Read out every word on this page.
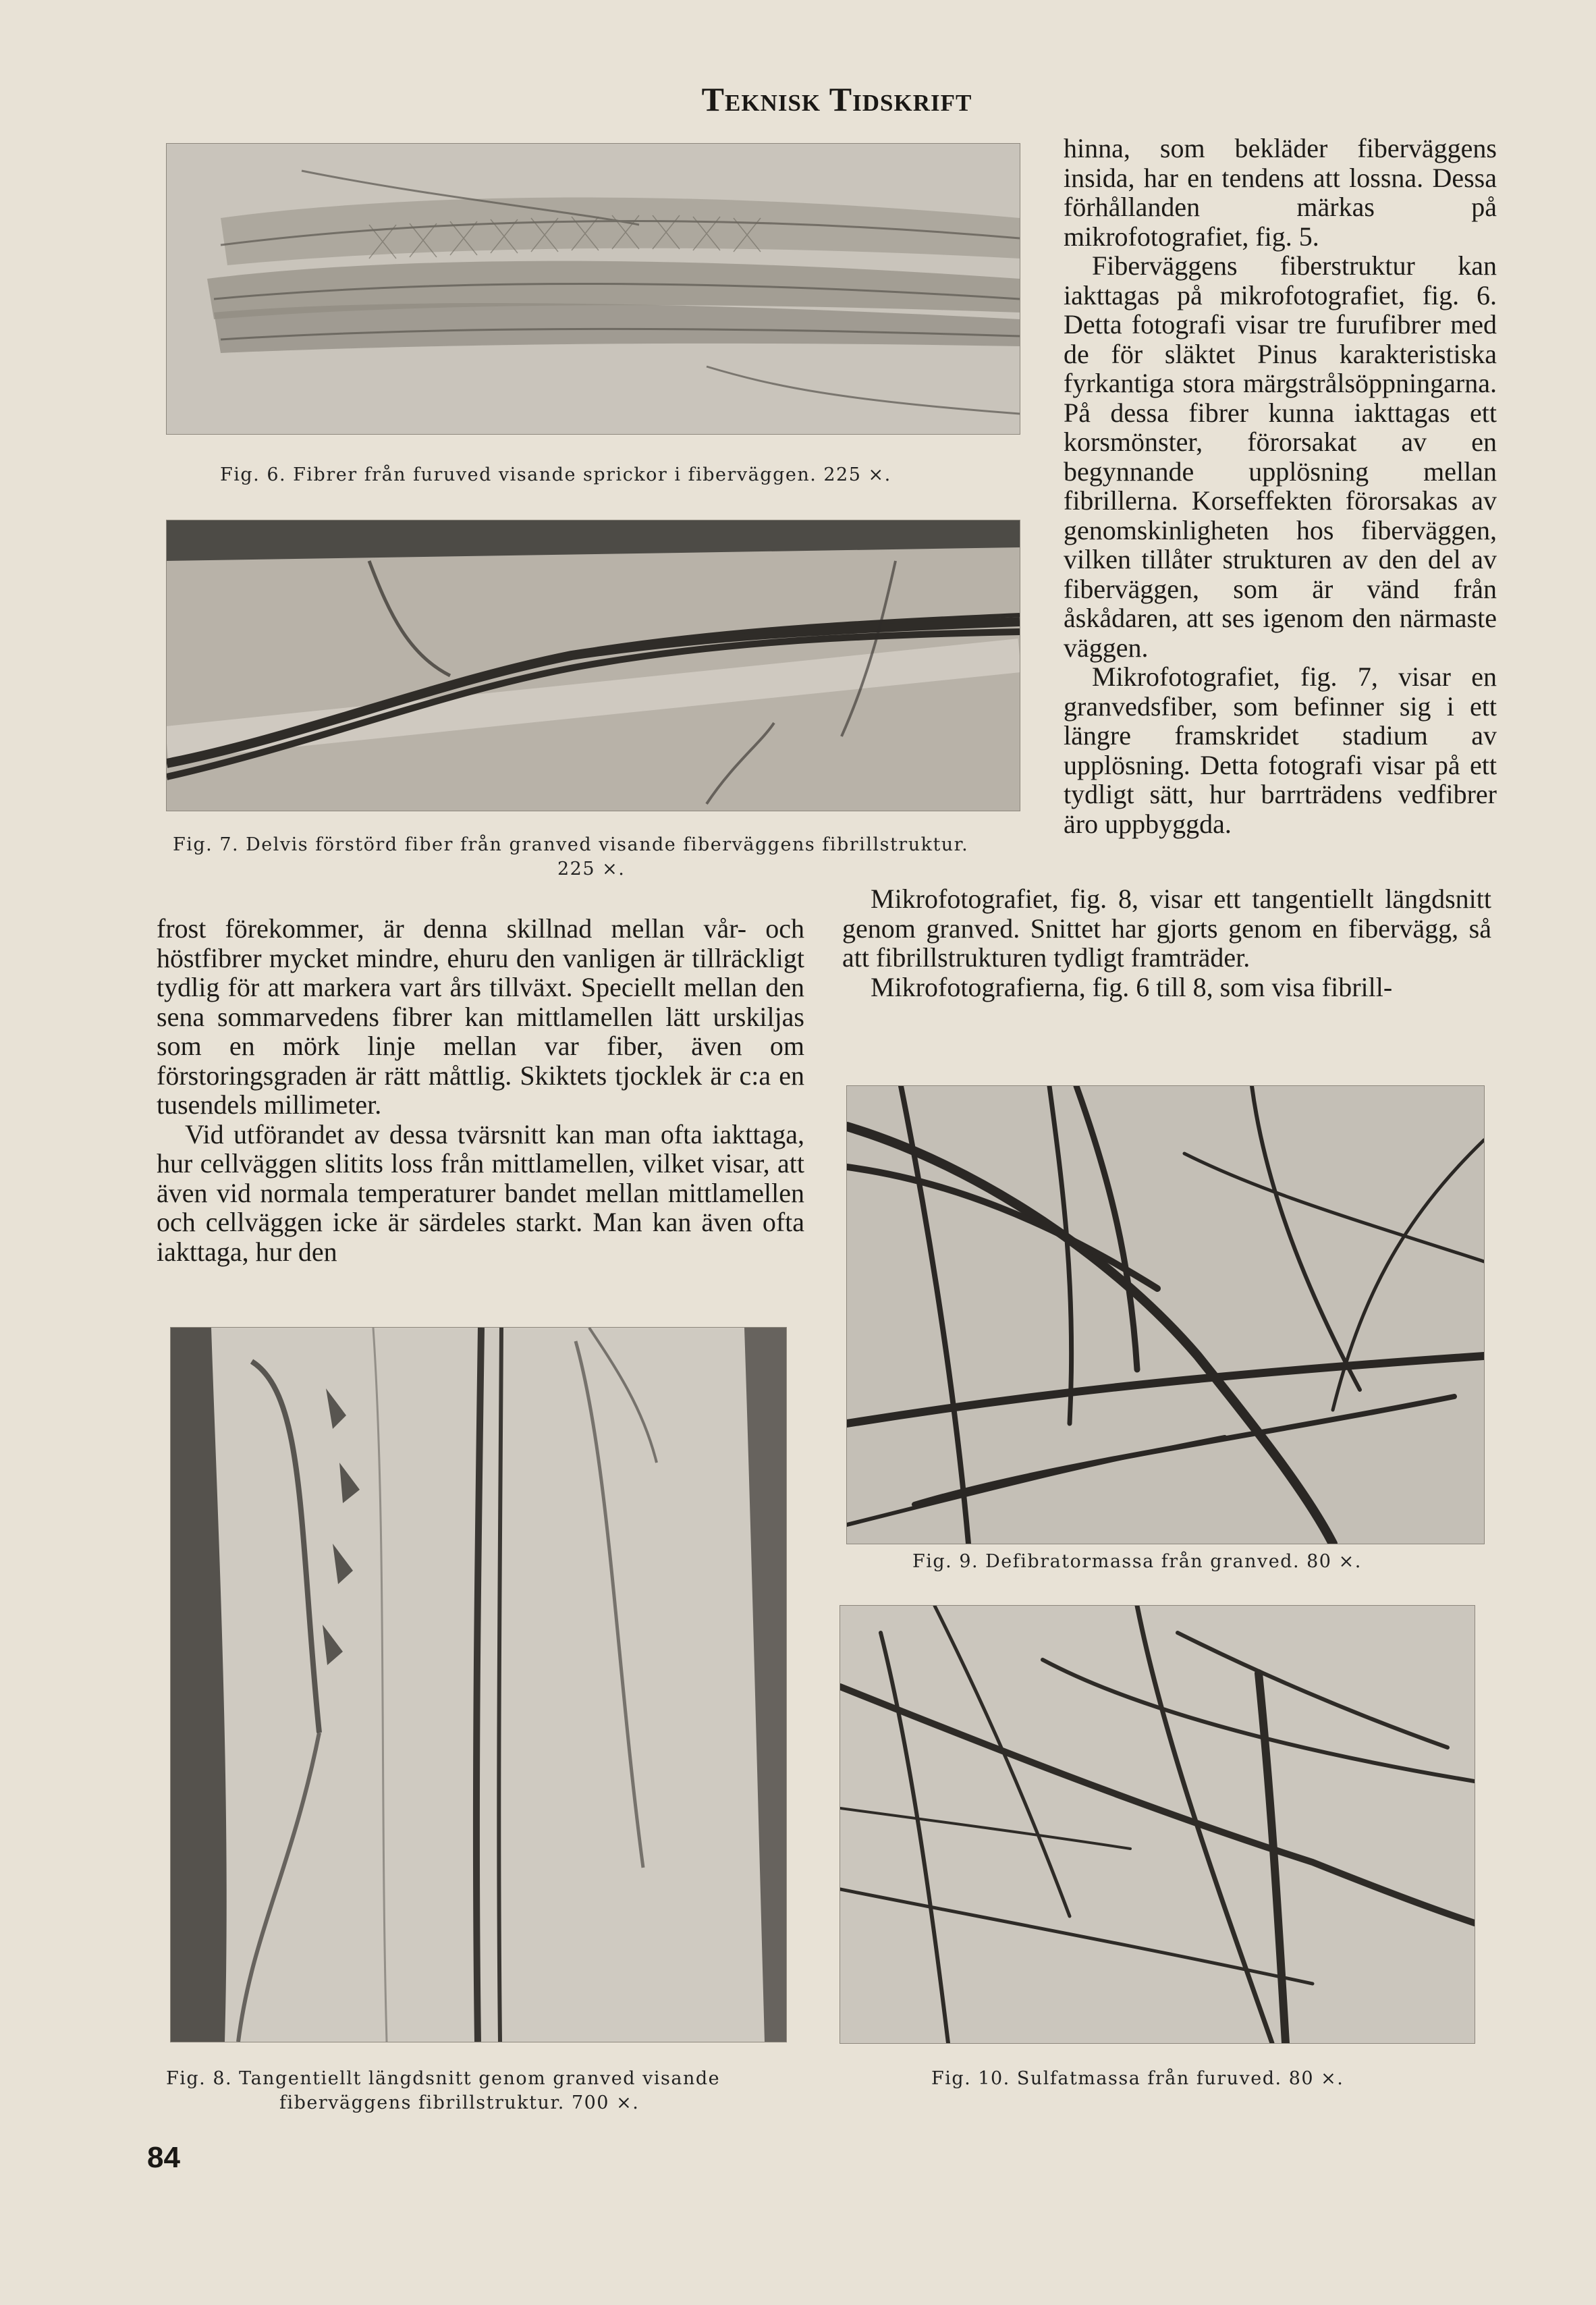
Teknisk Tidskrift
Fig. 6. Fibrer från furuved visande sprickor i fiberväggen. 225 ×.
Fig. 7. Delvis förstörd fiber från granved visande fiberväggens fibrillstruktur.
225 ×.

hinna, som bekläder fiberväggens insida, har en tendens att lossna. Dessa förhållanden märkas på mikrofotografiet, fig. 5.

Fiberväggens fiberstruktur kan iakttagas på mikrofotografiet, fig. 6. Detta fotografi visar tre furufibrer med de för släktet Pinus karakteristiska fyrkantiga stora märgstrålsöppningarna. På dessa fibrer kunna iakttagas ett korsmönster, förorsakat av en begynnande upplösning mellan fibrillerna. Korseffekten förorsakas av genomskinligheten hos fiberväggen, vilken tillåter strukturen av den del av fiberväggen, som är vänd från åskådaren, att ses igenom den närmaste väggen.

Mikrofotografiet, fig. 7, visar en granvedsfiber, som befinner sig i ett längre framskridet stadium av upplösning. Detta fotografi visar på ett tydligt sätt, hur barrträdens vedfibrer äro uppbyggda.

frost förekommer, är denna skillnad mellan vår- och höstfibrer mycket mindre, ehuru den vanligen är tillräckligt tydlig för att markera vart års tillväxt. Speciellt mellan den sena sommarvedens fibrer kan mittlamellen lätt urskiljas som en mörk linje mellan var fiber, även om förstoringsgraden är rätt måttlig. Skiktets tjocklek är c:a en tusendels millimeter.

Vid utförandet av dessa tvärsnitt kan man ofta iakttaga, hur cellväggen slitits loss från mittlamellen, vilket visar, att även vid normala temperaturer bandet mellan mittlamellen och cellväggen icke är särdeles starkt. Man kan även ofta iakttaga, hur den

Mikrofotografiet, fig. 8, visar ett tangentiellt längdsnitt genom granved. Snittet har gjorts genom en fibervägg, så att fibrillstrukturen tydligt framträder.

Mikrofotografierna, fig. 6 till 8, som visa fibrill-

Fig. 8. Tangentiellt längdsnitt genom granved visande
fiberväggens fibrillstruktur. 700 ×.
Fig. 9. Defibratormassa från granved. 80 ×.
Fig. 10. Sulfatmassa från furuved. 80 ×.
84
